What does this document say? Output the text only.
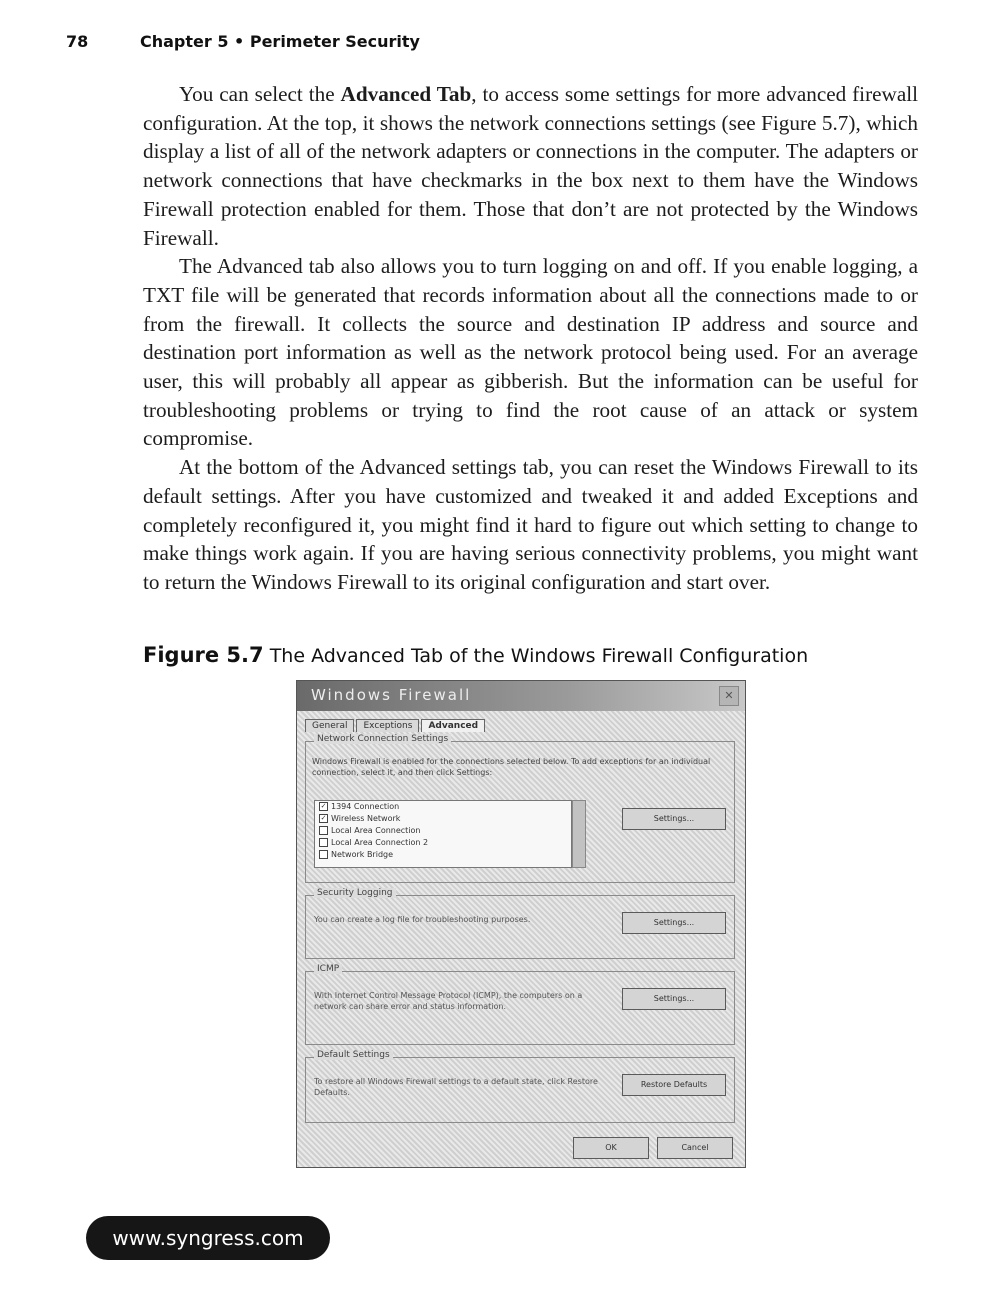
78	Chapter 5 • Perimeter Security

You can select the Advanced Tab, to access some settings for more advanced firewall configuration. At the top, it shows the network connections settings (see Figure 5.7), which display a list of all of the network adapters or connections in the computer. The adapters or network connections that have checkmarks in the box next to them have the Windows Firewall protection enabled for them. Those that don’t are not protected by the Windows Firewall.

The Advanced tab also allows you to turn logging on and off. If you enable logging, a TXT file will be generated that records information about all the connections made to or from the firewall. It collects the source and destination IP address and source and destination port information as well as the network protocol being used. For an average user, this will probably all appear as gibberish. But the information can be useful for troubleshooting problems or trying to find the root cause of an attack or system compromise.

At the bottom of the Advanced settings tab, you can reset the Windows Firewall to its default settings. After you have customized and tweaked it and added Exceptions and completely reconfigured it, you might find it hard to figure out which setting to change to make things work again. If you are having serious connectivity problems, you might want to return the Windows Firewall to its original configuration and start over.

Figure 5.7 The Advanced Tab of the Windows Firewall Configuration
Windows Firewall	✕
General Exceptions Advanced
Network Connection Settings
Windows Firewall is enabled for the connections selected below. To add exceptions for an individual connection, select it, and then click Settings:
✓ 1394 Connection
✓ Wireless Network
Local Area Connection
Local Area Connection 2
Network Bridge
Settings...
Security Logging
You can create a log file for troubleshooting purposes.	Settings...
ICMP
With Internet Control Message Protocol (ICMP), the computers on a network can share error and status information.
Settings...
Default Settings
To restore all Windows Firewall settings to a default state, click Restore Defaults.
Restore Defaults
OK	Cancel
www.syngress.com
